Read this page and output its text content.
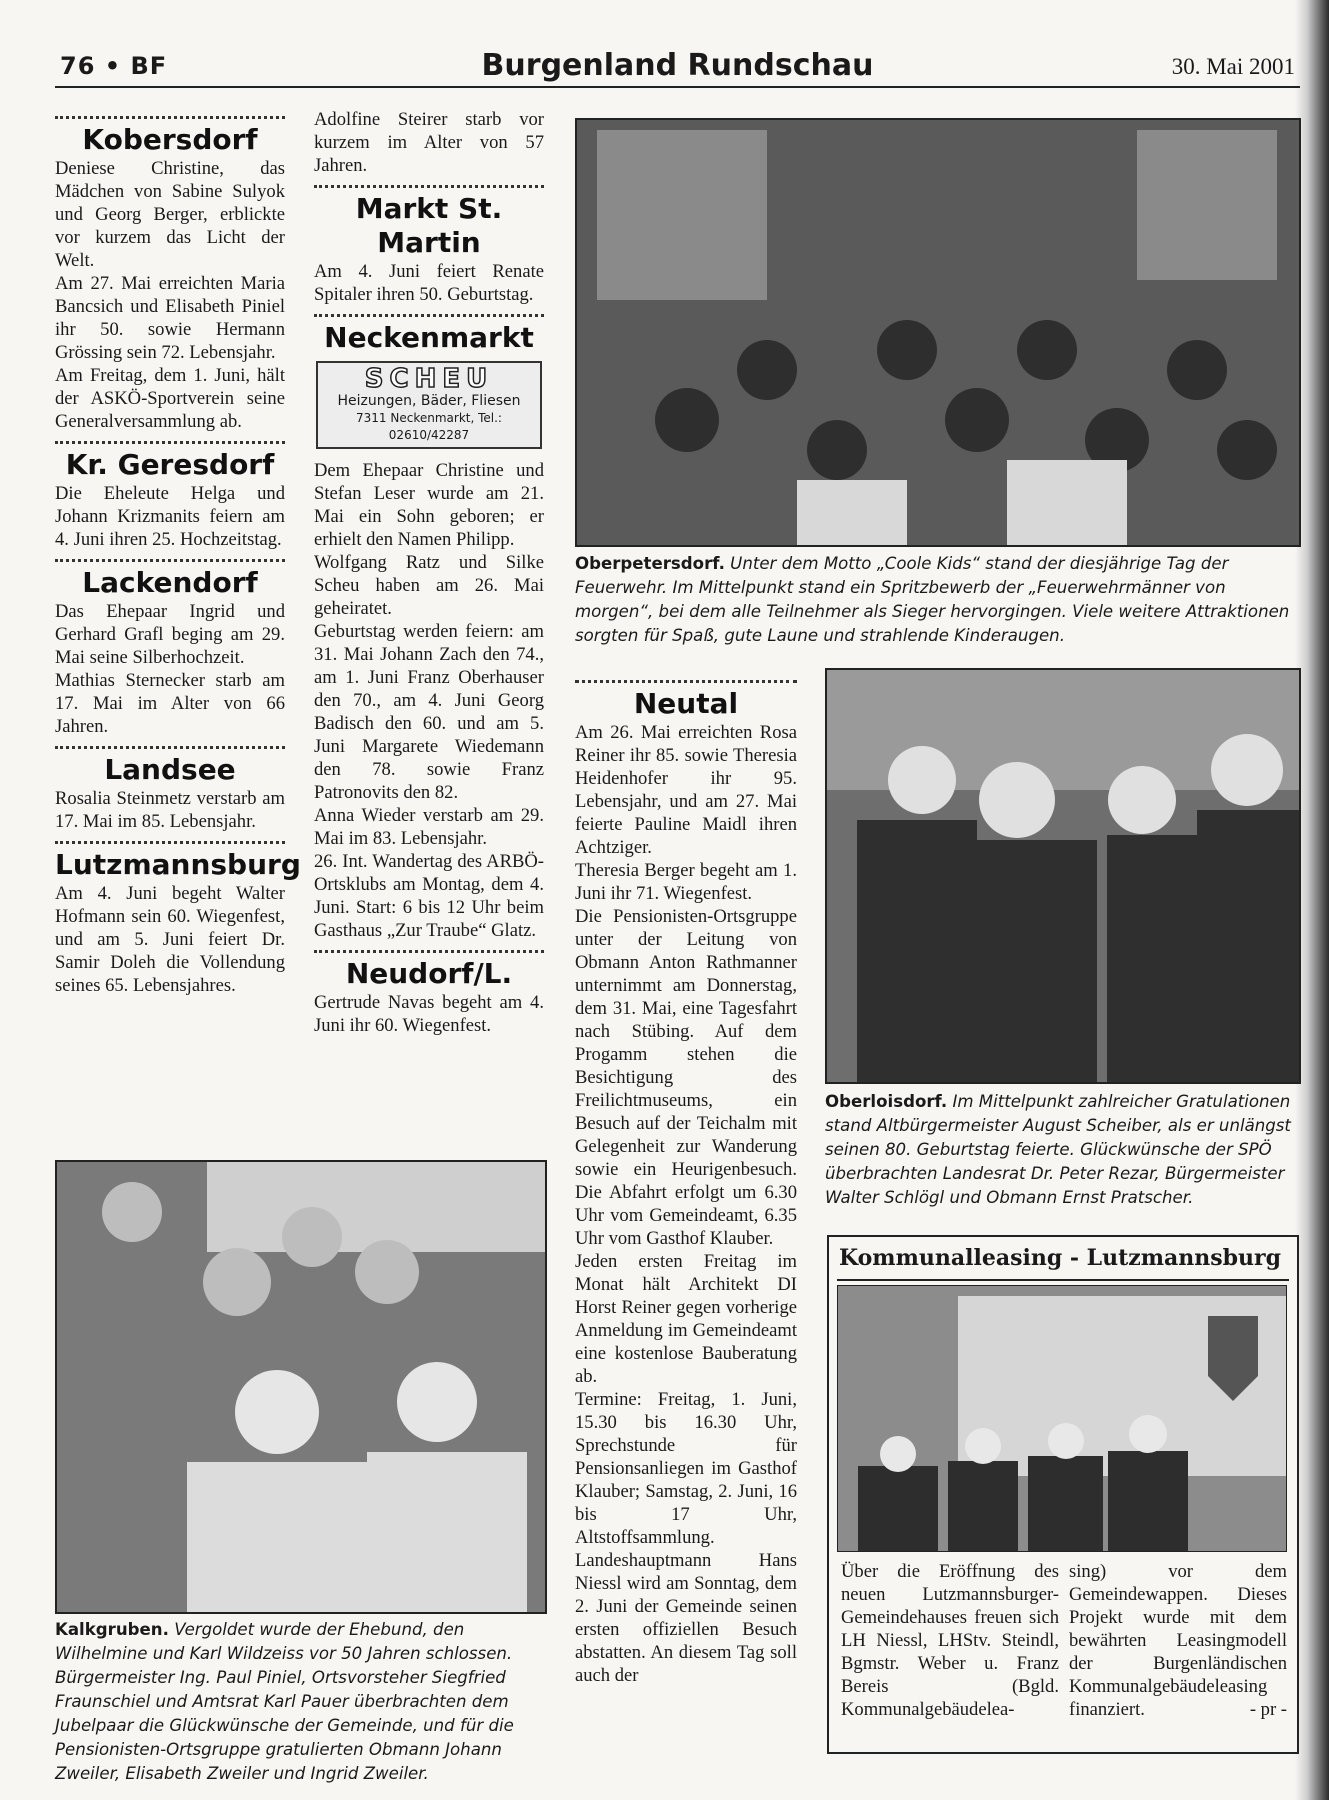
76 • BF	Burgenland Rundschau	30. Mai 2001
Kobersdorf

Deniese Christine, das Mädchen von Sabine Sulyok und Georg Berger, erblickte vor kurzem das Licht der Welt.

Am 27. Mai erreichten Maria Bancsich und Elisabeth Piniel ihr 50. sowie Hermann Grössing sein 72. Lebensjahr.

Am Freitag, dem 1. Juni, hält der ASKÖ-Sportverein seine Generalversammlung ab.

Kr. Geresdorf

Die Eheleute Helga und Johann Krizmanits feiern am 4. Juni ihren 25. Hochzeitstag.

Lackendorf

Das Ehepaar Ingrid und Gerhard Grafl beging am 29. Mai seine Silberhochzeit.

Mathias Sternecker starb am 17. Mai im Alter von 66 Jahren.

Landsee

Rosalia Steinmetz verstarb am 17. Mai im 85. Lebensjahr.

Lutzmannsburg

Am 4. Juni begeht Walter Hofmann sein 60. Wiegenfest, und am 5. Juni feiert Dr. Samir Doleh die Vollendung seines 65. Lebensjahres.

Adolfine Steirer starb vor kurzem im Alter von 57 Jahren.

Markt St. Martin

Am 4. Juni feiert Renate Spitaler ihren 50. Geburtstag.

Neckenmarkt
SCHEU
Heizungen, Bäder, Fliesen
7311 Neckenmarkt, Tel.: 02610/42287

Dem Ehepaar Christine und Stefan Leser wurde am 21. Mai ein Sohn geboren; er erhielt den Namen Philipp.

Wolfgang Ratz und Silke Scheu haben am 26. Mai geheiratet.

Geburtstag werden feiern: am 31. Mai Johann Zach den 74., am 1. Juni Franz Oberhauser den 70., am 4. Juni Georg Badisch den 60. und am 5. Juni Margarete Wiedemann den 78. sowie Franz Patronovits den 82.

Anna Wieder verstarb am 29. Mai im 83. Lebensjahr.

26. Int. Wandertag des ARBÖ-Ortsklubs am Montag, dem 4. Juni. Start: 6 bis 12 Uhr beim Gasthaus „Zur Traube“ Glatz.

Neudorf/L.

Gertrude Navas begeht am 4. Juni ihr 60. Wiegenfest.

Oberpetersdorf. Unter dem Motto „Coole Kids“ stand der diesjährige Tag der Feuerwehr. Im Mittelpunkt stand ein Spritzbewerb der „Feuerwehrmänner von morgen“, bei dem alle Teilnehmer als Sieger hervorgingen. Viele weitere Attraktionen sorgten für Spaß, gute Laune und strahlende Kinderaugen.
Neutal

Am 26. Mai erreichten Rosa Reiner ihr 85. sowie Theresia Heidenhofer ihr 95. Lebensjahr, und am 27. Mai feierte Pauline Maidl ihren Achtziger.

Theresia Berger begeht am 1. Juni ihr 71. Wiegenfest.

Die Pensionisten-Ortsgruppe unter der Leitung von Obmann Anton Rathmanner unternimmt am Donnerstag, dem 31. Mai, eine Tagesfahrt nach Stübing. Auf dem Progamm stehen die Besichtigung des Freilichtmuseums, ein Besuch auf der Teichalm mit Gelegenheit zur Wanderung sowie ein Heurigenbesuch. Die Abfahrt erfolgt um 6.30 Uhr vom Gemeindeamt, 6.35 Uhr vom Gasthof Klauber.

Jeden ersten Freitag im Monat hält Architekt DI Horst Reiner gegen vorherige Anmeldung im Gemeindeamt eine kostenlose Bauberatung ab.

Termine: Freitag, 1. Juni, 15.30 bis 16.30 Uhr, Sprechstunde für Pensionsanliegen im Gasthof Klauber; Samstag, 2. Juni, 16 bis 17 Uhr, Altstoffsammlung.

Landeshauptmann Hans Niessl wird am Sonntag, dem 2. Juni der Gemeinde seinen ersten offiziellen Besuch abstatten. An diesem Tag soll auch der

Oberloisdorf. Im Mittelpunkt zahlreicher Gratulationen stand Altbürgermeister August Scheiber, als er unlängst seinen 80. Geburtstag feierte. Glückwünsche der SPÖ überbrachten Landesrat Dr. Peter Rezar, Bürgermeister Walter Schlögl und Obmann Ernst Pratscher.
Kalkgruben. Vergoldet wurde der Ehebund, den Wilhelmine und Karl Wildzeiss vor 50 Jahren schlossen. Bürgermeister Ing. Paul Piniel, Ortsvorsteher Siegfried Fraunschiel und Amtsrat Karl Pauer überbrachten dem Jubelpaar die Glückwünsche der Gemeinde, und für die Pensionisten-Ortsgruppe gratulierten Obmann Johann Zweiler, Elisabeth Zweiler und Ingrid Zweiler.
Kommunalleasing - Lutzmannsburg
Über die Eröffnung des neuen Lutzmannsburger-Gemeindehauses freuen sich LH Niessl, LHStv. Steindl, Bgmstr. Weber u. Franz Bereis (Bgld. Kommunalgebäudelea-
sing) vor dem Gemeindewappen. Dieses Projekt wurde mit dem bewährten Leasingmodell der Burgenländischen Kommunalgebäudeleasing finanziert.	- pr -
